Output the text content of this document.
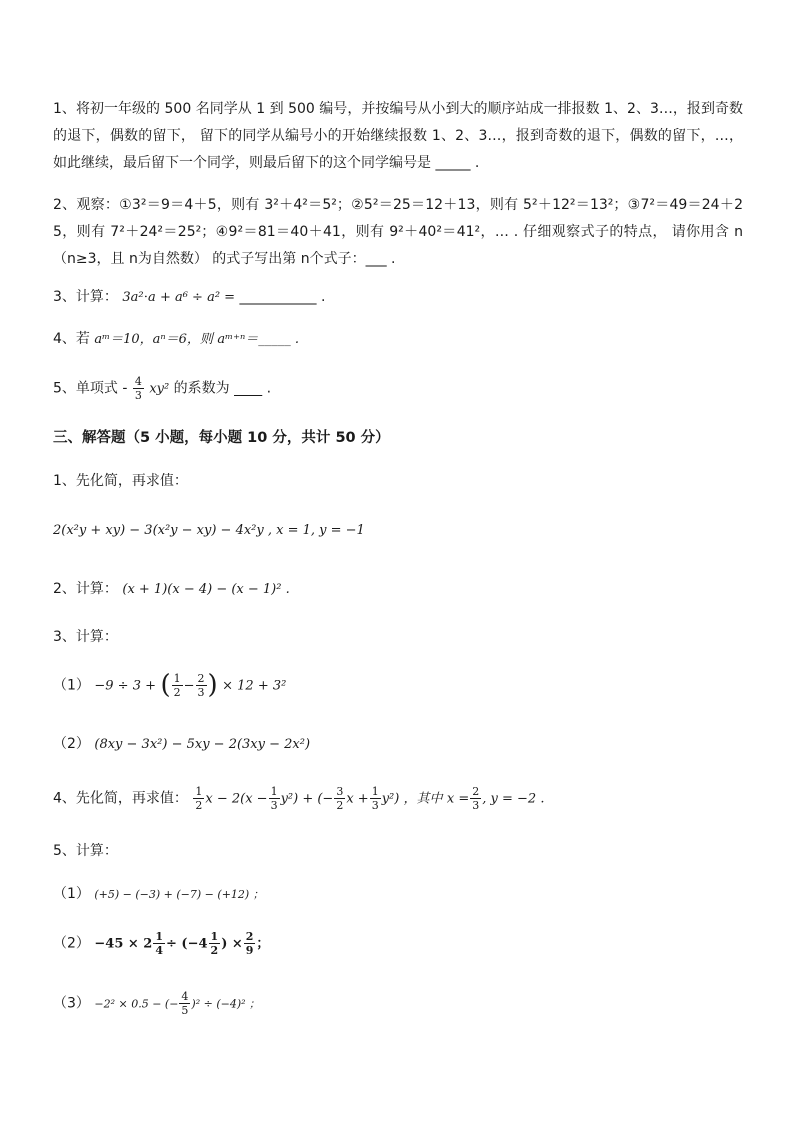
1、将初一年级的 500 名同学从 1 到 500 编号，并按编号从小到大的顺序站成一排报数 1、2、3…，报到奇数的退下，偶数的留下， 留下的同学从编号小的开始继续报数 1、2、3…，报到奇数的退下，偶数的留下，…，如此继续，最后留下一个同学，则最后留下的这个同学编号是 _____ .
2、观察：①3²＝9＝4＋5，则有 3²＋4²＝5²；②5²＝25＝12＋13，则有 5²＋12²＝13²；③7²＝49＝24＋25，则有 7²＋24²＝25²；④9²＝81＝40＋41，则有 9²＋40²＝41²，… . 仔细观察式子的特点， 请你用含 n（n≥3，且 n为自然数） 的式子写出第 n个式子：___ .
3、计算： 3a²⋅a + a⁶ ÷ a² = ___________ .
4、若 aᵐ＝10，aⁿ＝6，则 aᵐ⁺ⁿ＝_____ .
5、单项式 - $\frac{4}{3} xy^2$ 的系数为 ____ .
三、解答题（5 小题，每小题 10 分，共计 50 分）
1、先化简，再求值：
2(x²y + xy) − 3(x²y − xy) − 4x²y , x = 1, y = −1
2、计算： (x + 1)(x − 4) − (x − 1)² .
3、计算：
（1） −9 ÷ 3 + ( $\frac{1}{2} - \frac{2}{3}$ ) × 12 + 3²
（2） (8xy − 3x²) − 5xy − 2(3xy − 2x²)
4、先化简，再求值： $\frac{1}{2}$ $x - 2(x - \frac{1}{3} y^2)$ + (− $\frac{3}{2}$ $x + \frac{1}{3} y^2$) ，其中 $x = \frac{2}{3}$ , y = −2 .
5、计算：
（1） (+5) − (−3) + (−7) − (+12) ；
$(2) -45 \times 2 \frac{1}{4} \div (-4 \frac{1}{2}$ ) × $\frac{2}{9}$ ；
（3） −2² × 0.5 − (− $\frac{4}{5} )^2 \div (-4)^2$ ；
